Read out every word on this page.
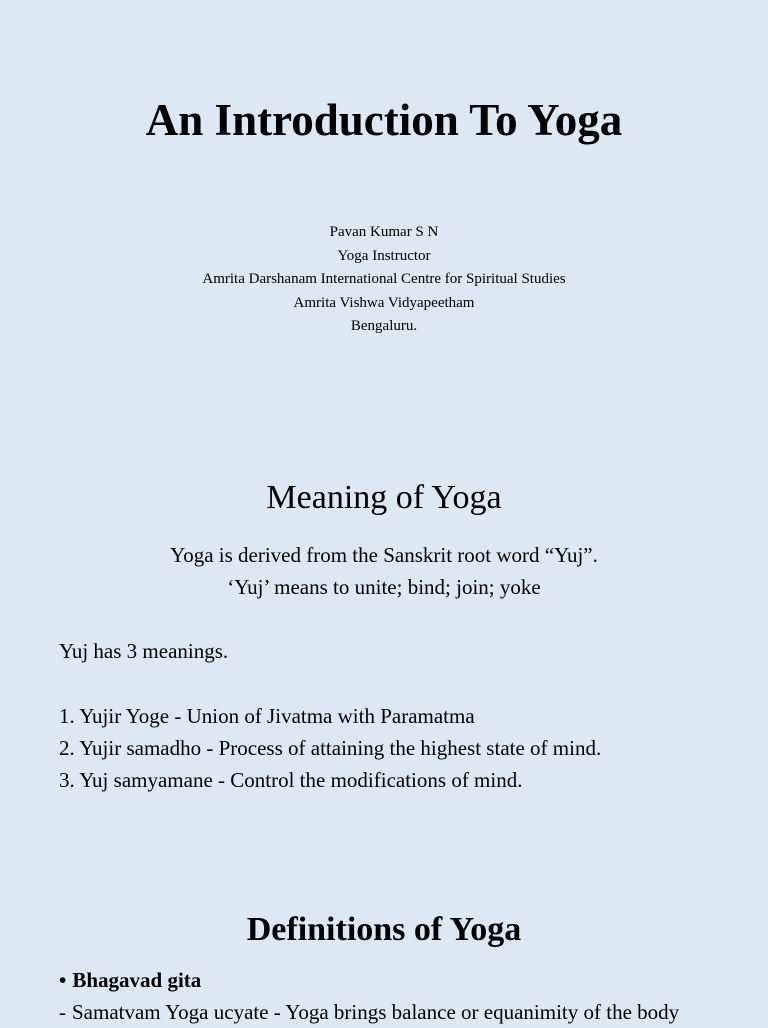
An Introduction To Yoga
Pavan Kumar S N
Yoga Instructor
Amrita Darshanam International Centre for Spiritual Studies
Amrita Vishwa Vidyapeetham
Bengaluru.
Meaning of Yoga
Yoga is derived from the Sanskrit root word “Yuj”.
‘Yuj’ means to unite; bind; join; yoke
Yuj has 3 meanings.
1. Yujir Yoge - Union of Jivatma with Paramatma
2. Yujir samadho - Process of attaining the highest state of mind.
3. Yuj samyamane - Control the modifications of mind.
Definitions of Yoga
• Bhagavad gita
- Samatvam Yoga ucyate - Yoga brings balance or equanimity of the body
